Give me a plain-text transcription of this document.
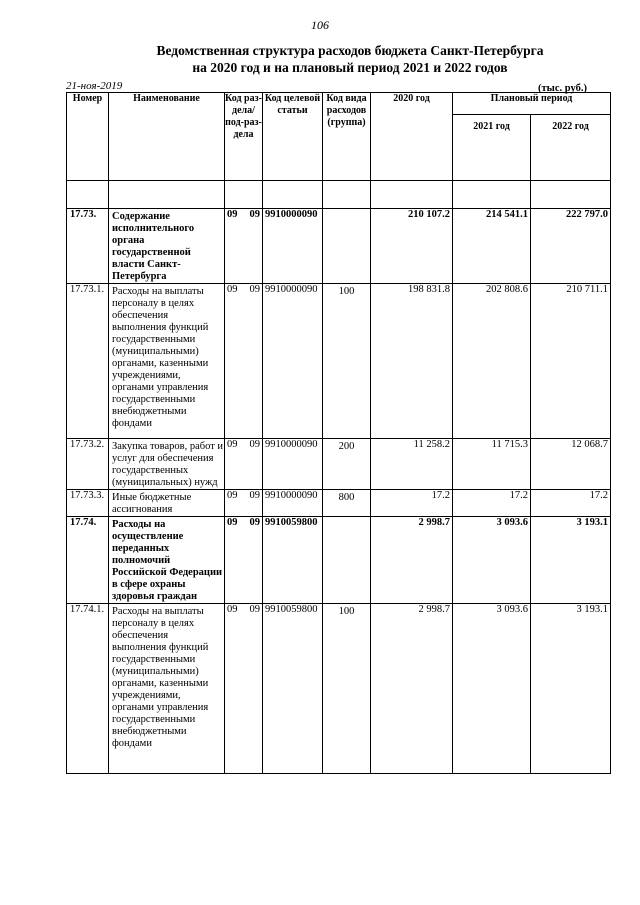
106
Ведомственная структура расходов бюджета Санкт-Петербурга
на 2020 год и на плановый период 2021 и 2022 годов
21-ноя-2019	(тыс. руб.)
Номер	Наименование	Код раз-дела/ под-раз-дела	Код целевой статьи	Код вида расходов (группа)	2020 год	Плановый период	
						2021 год	2022 год

17.73.	Содержание исполнительного органа государственной власти Санкт-Петербурга	09 09	9910000090		210 107.2	214 541.1	222 797.0
17.73.1.	Расходы на выплаты персоналу в целях обеспечения выполнения функций государственными (муниципальными) органами, казенными учреждениями, органами управления государственными внебюджетными фондами	09 09	9910000090	100	198 831.8	202 808.6	210 711.1
17.73.2.	Закупка товаров, работ и услуг для обеспечения государственных (муниципальных) нужд	09 09	9910000090	200	11 258.2	11 715.3	12 068.7
17.73.3.	Иные бюджетные ассигнования	09 09	9910000090	800	17.2	17.2	17.2
17.74.	Расходы на осуществление переданных полномочий Российской Федерации в сфере охраны здоровья граждан	09 09	9910059800		2 998.7	3 093.6	3 193.1
17.74.1.	Расходы на выплаты персоналу в целях обеспечения выполнения функций государственными (муниципальными) органами, казенными учреждениями, органами управления государственными внебюджетными фондами	09 09	9910059800	100	2 998.7	3 093.6	3 193.1
